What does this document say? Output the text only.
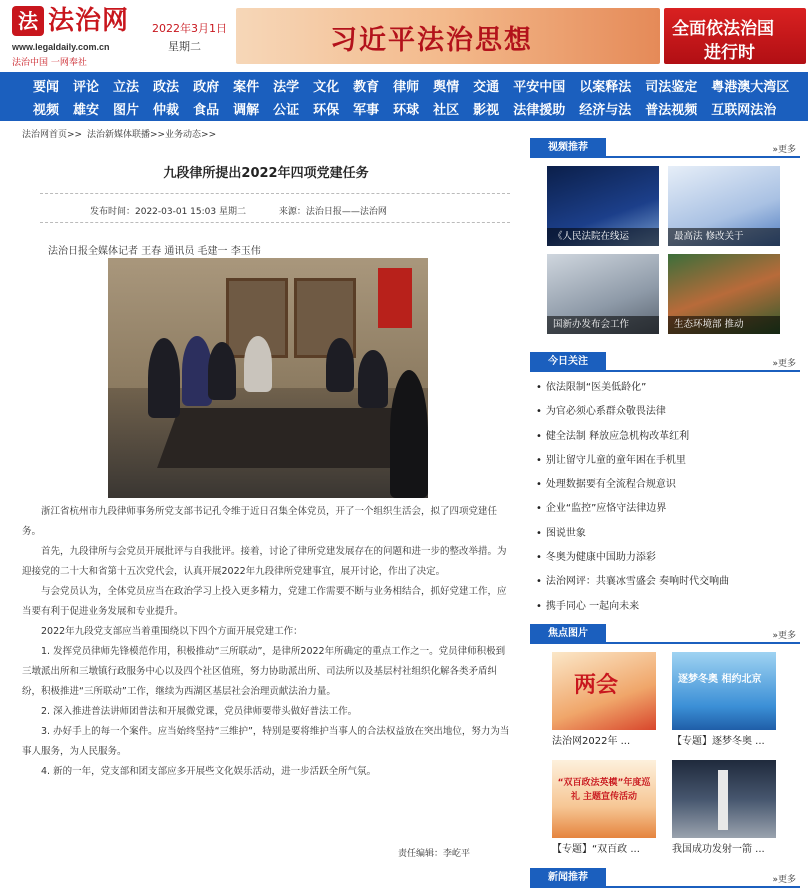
法 法治网
www.legaldaily.com.cn
法治中国 一网奉社
2022年3月1日
星期二	习近平法治思想	全面依法治国
进行时
要闻 评论 立法 政法 政府 案件 法学 文化 教育 律师 舆情 交通 平安中国 以案释法 司法鉴定 粤港澳大湾区
视频 雄安 图片 仲裁 食品 调解 公证 环保 军事 环球 社区 影视 法律援助 经济与法 普法视频 互联网法治
法治网首页>> 法治新媒体联播>>业务动态>>
九段律所提出2022年四项党建任务
发布时间：2022-03-01 15:03 星期二	来源：法治日报——法治网
法治日报全媒体记者 王春 通讯员 毛建一 李玉伟
浙江省杭州市九段律师事务所党支部书记孔令维于近日召集全体党员，开了一个组织生活会，拟了四项党建任务。
首先，九段律所与会党员开展批评与自我批评。接着，讨论了律所党建发展存在的问题和进一步的整改举措。为迎接党的二十大和省第十五次党代会，认真开展2022年九段律所党建事宜，展开讨论，作出了决定。
与会党员认为，全体党员应当在政治学习上投入更多精力，党建工作需要不断与业务相结合，抓好党建工作，应当要有利于促进业务发展和专业提升。
2022年九段党支部应当着重围绕以下四个方面开展党建工作：
1. 发挥党员律师先锋模范作用，积极推动“三所联动”，是律所2022年所确定的重点工作之一。党员律师积极到三墩派出所和三墩镇行政服务中心以及四个社区值班，努力协助派出所、司法所以及基层村社组织化解各类矛盾纠纷，积极推进“三所联动”工作，继续为西湖区基层社会治理贡献法治力量。
2. 深入推进普法讲师团普法和开展微党课，党员律师要带头做好普法工作。
3. 办好手上的每一个案件。应当始终坚持“三维护”，特别是要将维护当事人的合法权益放在突出地位，努力为当事人服务，为人民服务。
4. 新的一年，党支部和团支部应多开展些文化娱乐活动，进一步活跃全所气氛。
责任编辑：李屹平
视频推荐	»更多
《人民法院在线运	最高法 修改关于
国新办发布会工作	生态环境部 推动
今日关注	»更多
• 依法限制“医美低龄化”
• 为官必须心系群众敬畏法律
• 健全法制 释放应急机构改革红利
• 别让留守儿童的童年困在手机里
• 处理数据要有全流程合规意识
• 企业“监控”应恪守法律边界
• 图说世象
• 冬奥为健康中国助力添彩
• 法治网评：共襄冰雪盛会 奏响时代交响曲
• 携手同心 一起向未来
焦点图片	»更多
两会
法治网2022年 ...
逐梦冬奥 相约北京
【专题】逐梦冬奥 ...
“双百政法英模”年度巡礼 主题宣传活动
【专题】“双百政 ...	我国成功发射一箭 ...
新闻推荐	»更多
